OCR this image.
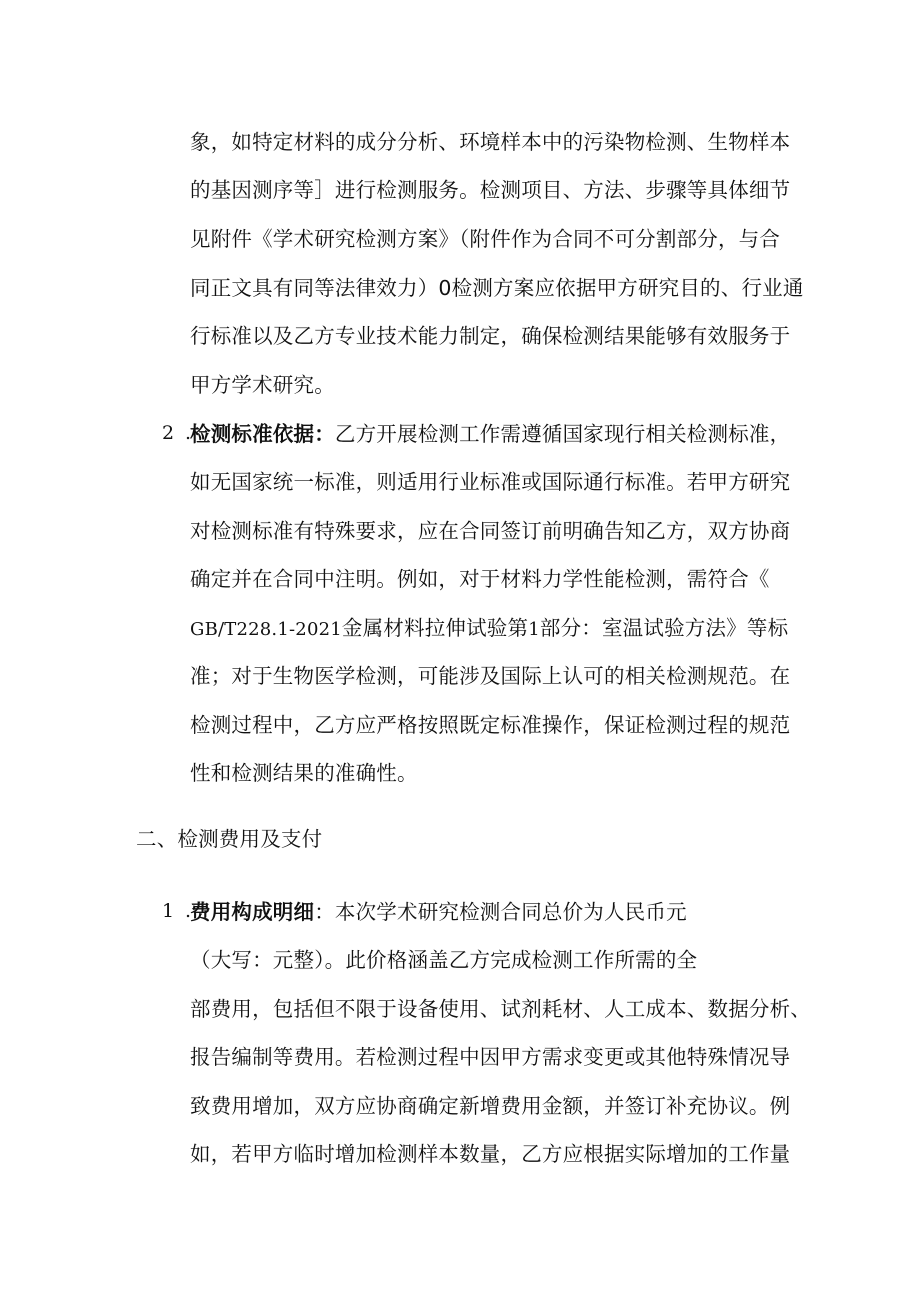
象，如特定材料的成分分析、环境样本中的污染物检测、生物样本
的基因测序等］进行检测服务。检测项目、方法、步骤等具体细节
见附件《学术研究检测方案》（附件作为合同不可分割部分，与合
同正文具有同等法律效力）0检测方案应依据甲方研究目的、行业通
行标准以及乙方专业技术能力制定，确保检测结果能够有效服务于
甲方学术研究。
2 .
检测标准依据：乙方开展检测工作需遵循国家现行相关检测标准，
如无国家统一标准，则适用行业标准或国际通行标准。若甲方研究
对检测标准有特殊要求，应在合同签订前明确告知乙方，双方协商
确定并在合同中注明。例如，对于材料力学性能检测，需符合《
GB/T228.1-2021金属材料拉伸试验第1部分：室温试验方法》等标
准；对于生物医学检测，可能涉及国际上认可的相关检测规范。在
检测过程中，乙方应严格按照既定标准操作，保证检测过程的规范
性和检测结果的准确性。
二、检测费用及支付
1 .
费用构成明细：本次学术研究检测合同总价为人民币元
（大写：元整）。此价格涵盖乙方完成检测工作所需的全
部费用，包括但不限于设备使用、试剂耗材、人工成本、数据分析、
报告编制等费用。若检测过程中因甲方需求变更或其他特殊情况导
致费用增加，双方应协商确定新增费用金额，并签订补充协议。例
如，若甲方临时增加检测样本数量，乙方应根据实际增加的工作量
